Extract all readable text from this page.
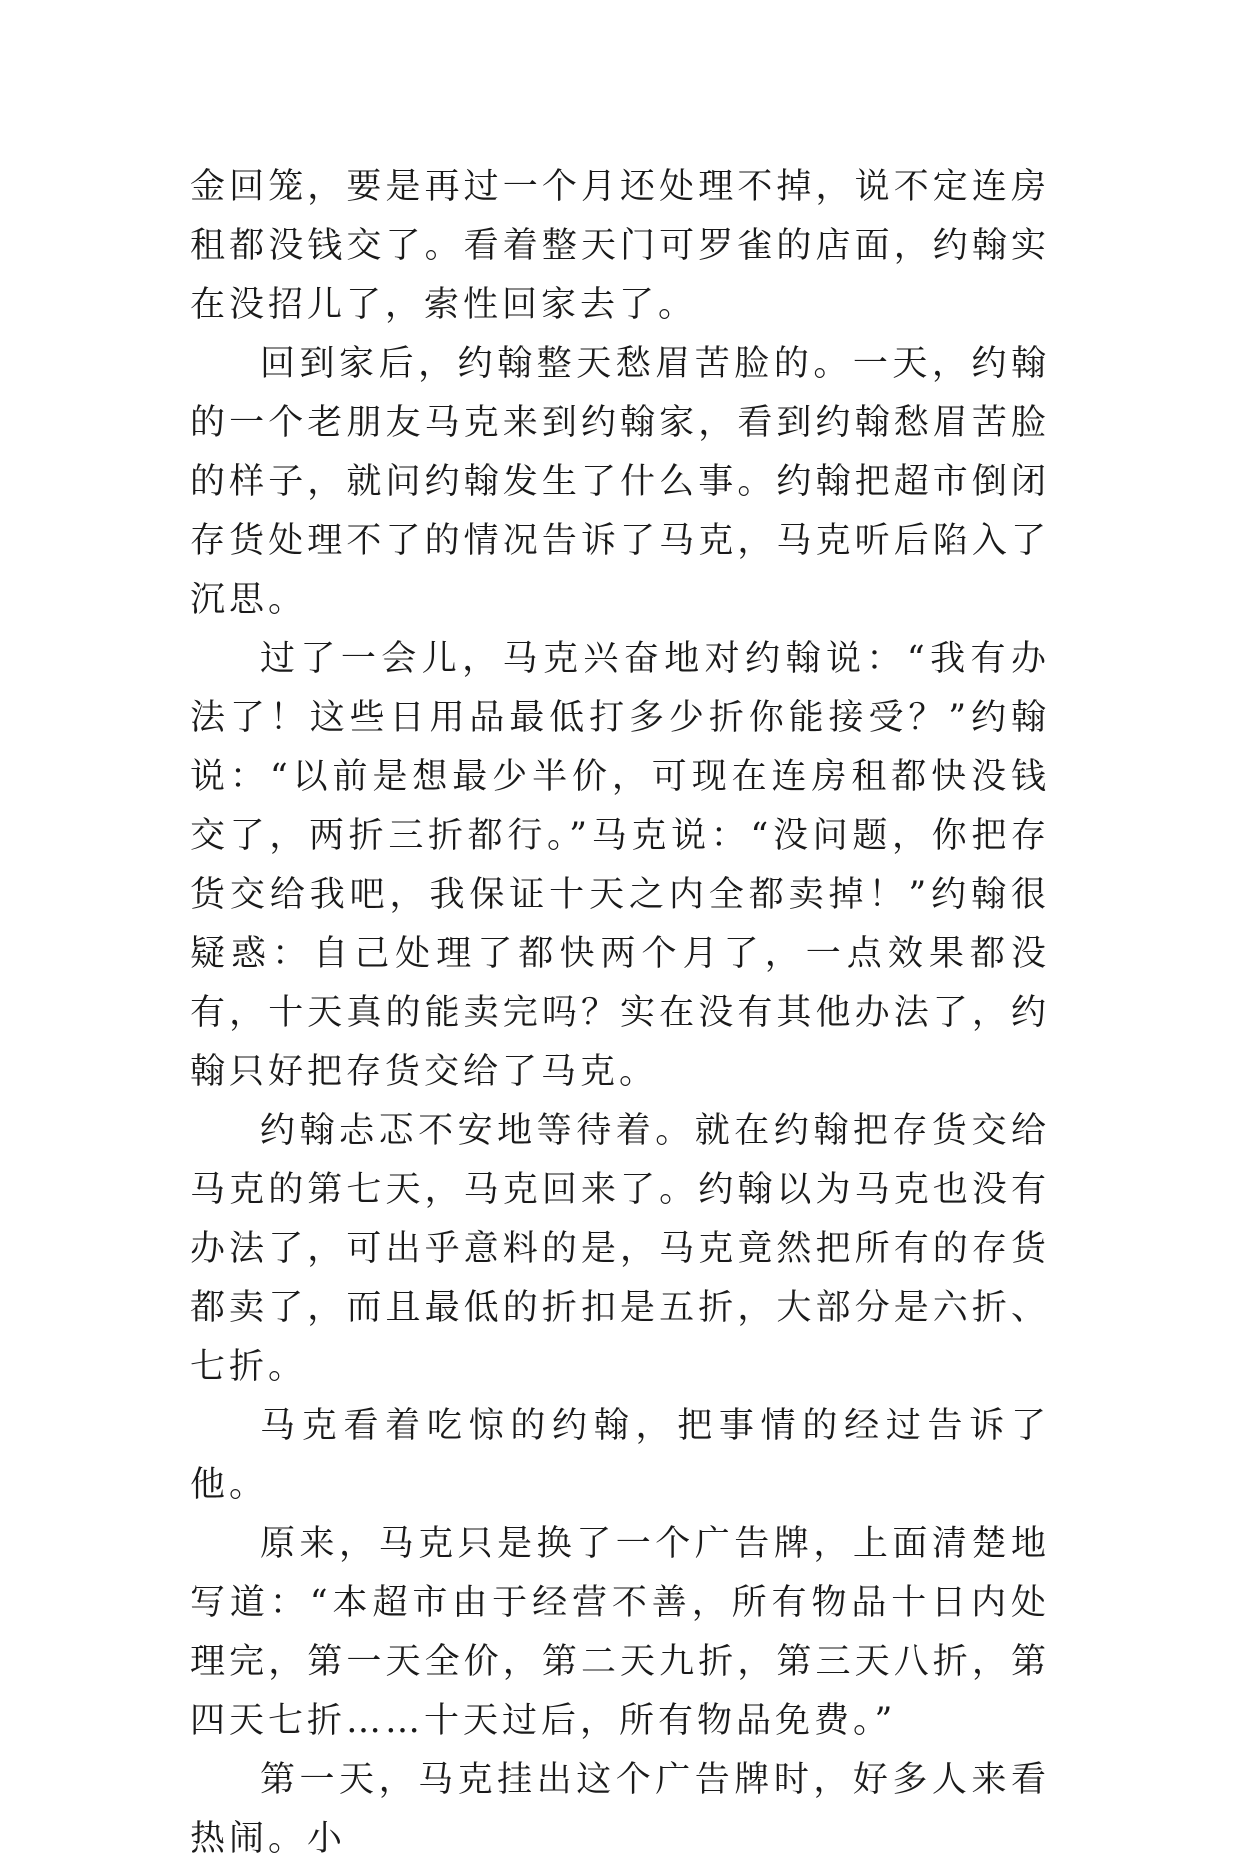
金回笼，要是再过一个月还处理不掉，说不定连房租都没钱交了。看着整天门可罗雀的店面，约翰实在没招儿了，索性回家去了。

回到家后，约翰整天愁眉苦脸的。一天，约翰的一个老朋友马克来到约翰家，看到约翰愁眉苦脸的样子，就问约翰发生了什么事。约翰把超市倒闭存货处理不了的情况告诉了马克，马克听后陷入了沉思。

过了一会儿，马克兴奋地对约翰说：“我有办法了！这些日用品最低打多少折你能接受？”约翰说：“以前是想最少半价，可现在连房租都快没钱交了，两折三折都行。”马克说：“没问题，你把存货交给我吧，我保证十天之内全都卖掉！”约翰很疑惑：自己处理了都快两个月了，一点效果都没有，十天真的能卖完吗？实在没有其他办法了，约翰只好把存货交给了马克。

约翰忐忑不安地等待着。就在约翰把存货交给马克的第七天，马克回来了。约翰以为马克也没有办法了，可出乎意料的是，马克竟然把所有的存货都卖了，而且最低的折扣是五折，大部分是六折、七折。

马克看着吃惊的约翰，把事情的经过告诉了他。

原来，马克只是换了一个广告牌，上面清楚地写道：“本超市由于经营不善，所有物品十日内处理完，第一天全价，第二天九折，第三天八折，第四天七折……十天过后，所有物品免费。”

第一天，马克挂出这个广告牌时，好多人来看热闹。小
